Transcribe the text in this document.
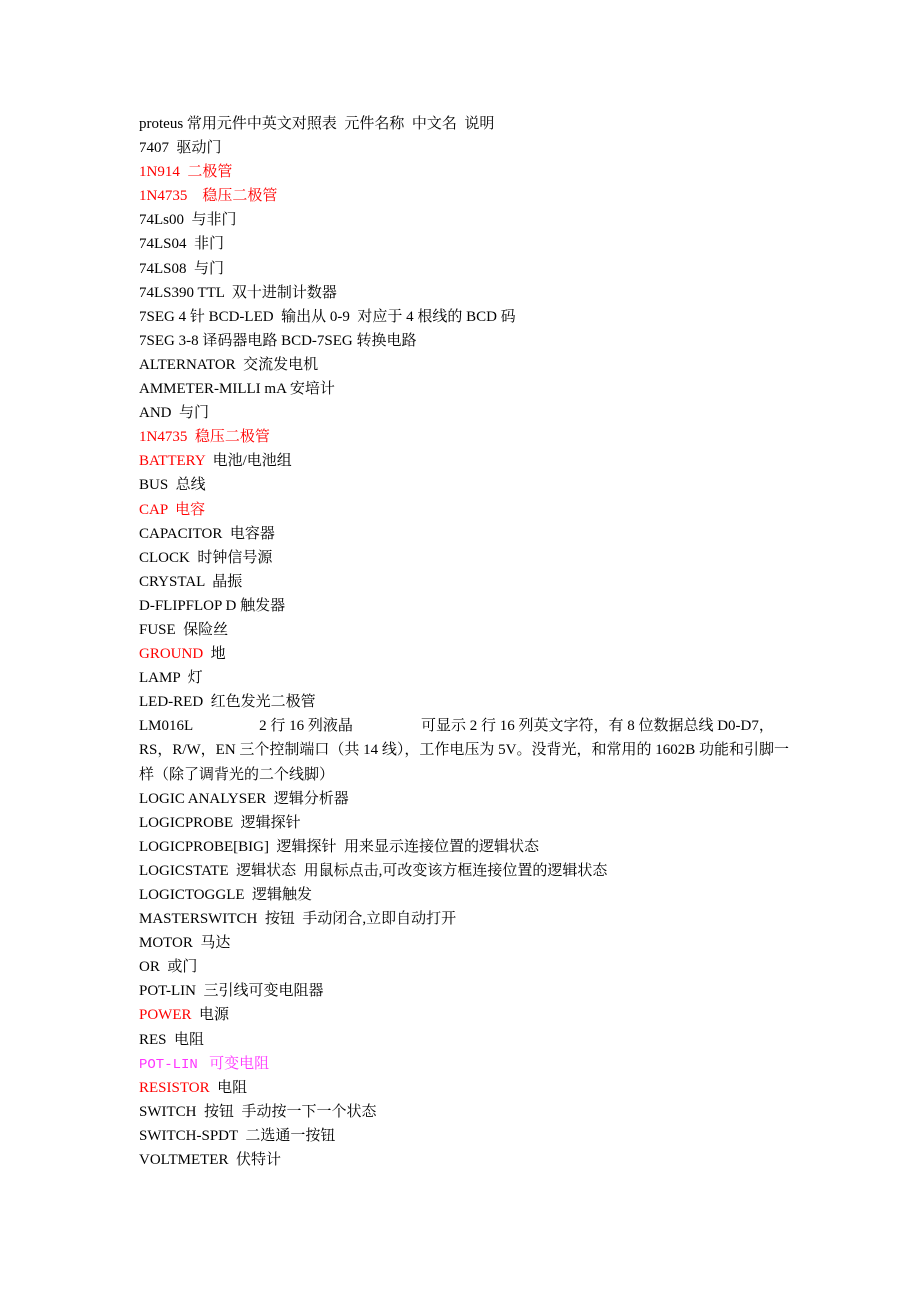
proteus 常用元件中英文对照表  元件名称  中文名  说明
7407  驱动门
1N914  二极管
1N4735    稳压二极管
74Ls00  与非门
74LS04  非门
74LS08  与门
74LS390 TTL  双十进制计数器
7SEG 4 针 BCD-LED  输出从 0-9  对应于 4 根线的 BCD 码
7SEG 3-8 译码器电路 BCD-7SEG 转换电路
ALTERNATOR  交流发电机
AMMETER-MILLI mA 安培计
AND  与门
1N4735  稳压二极管
BATTERY  电池/电池组
BUS  总线
CAP  电容
CAPACITOR  电容器
CLOCK  时钟信号源
CRYSTAL  晶振
D-FLIPFLOP D 触发器
FUSE  保险丝
GROUND  地
LAMP  灯
LED-RED  红色发光二极管
LM016L	2 行 16 列液晶	可显示 2 行 16 列英文字符，有 8 位数据总线 D0-D7，RS，R/W，EN 三个控制端口（共 14 线），工作电压为 5V。没背光，和常用的 1602B 功能和引脚一样（除了调背光的二个线脚）
LOGIC ANALYSER  逻辑分析器
LOGICPROBE  逻辑探针
LOGICPROBE[BIG]  逻辑探针  用来显示连接位置的逻辑状态
LOGICSTATE  逻辑状态  用鼠标点击,可改变该方框连接位置的逻辑状态
LOGICTOGGLE  逻辑触发
MASTERSWITCH  按钮  手动闭合,立即自动打开
MOTOR  马达
OR  或门
POT-LIN  三引线可变电阻器
POWER  电源
RES  电阻
POT-LIN   可变电阻
RESISTOR  电阻
SWITCH  按钮  手动按一下一个状态
SWITCH-SPDT  二选通一按钮
VOLTMETER  伏特计
